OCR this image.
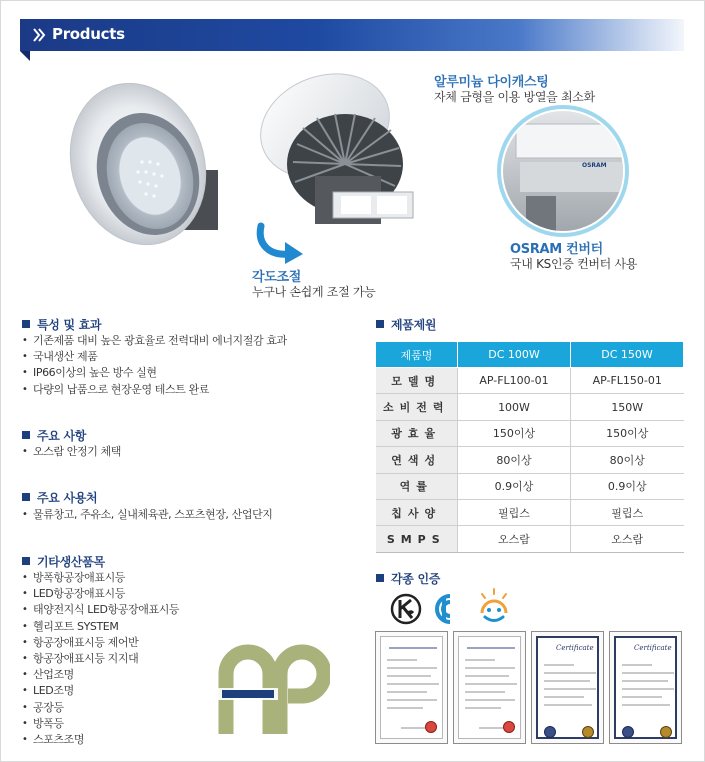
Products
OSRAM
알루미늄 다이캐스팅
자체 금형을 이용 방열을 최소화
OSRAM 컨버터
국내 KS인증 컨버터 사용
각도조절
누구나 손쉽게 조절 가능
특성 및 효과
• 기존제품 대비 높은 광효율로 전력대비 에너지절감 효과
• 국내생산 제품
• IP66이상의 높은 방수 실현
• 다량의 납품으로 현장운영 테스트 완료
주요 사항
• 오스람 안정기 체택
주요 사용처
• 물류창고, 주유소, 실내체육관, 스포츠현장, 산업단지
기타생산품목
• 방폭항공장애표시등
• LED항공장애표시등
• 태양전지식 LED항공장애표시등
• 헬리포트 SYSTEM
• 항공장애표시등 제어반
• 항공장애표시등 지지대
• 산업조명
• LED조명
• 공장등
• 방폭등
• 스포츠조명
제품제원
제품명	DC 100W	DC 150W
모델명	AP-FL100-01	AP-FL150-01
소비전력	100W	150W
광효율	150이상	150이상
연색성	80이상	80이상
역률	0.9이상	0.9이상
칩사양	필립스	필립스
SMPS	오스람	오스람
각종 인증
Certificate	Certificate
